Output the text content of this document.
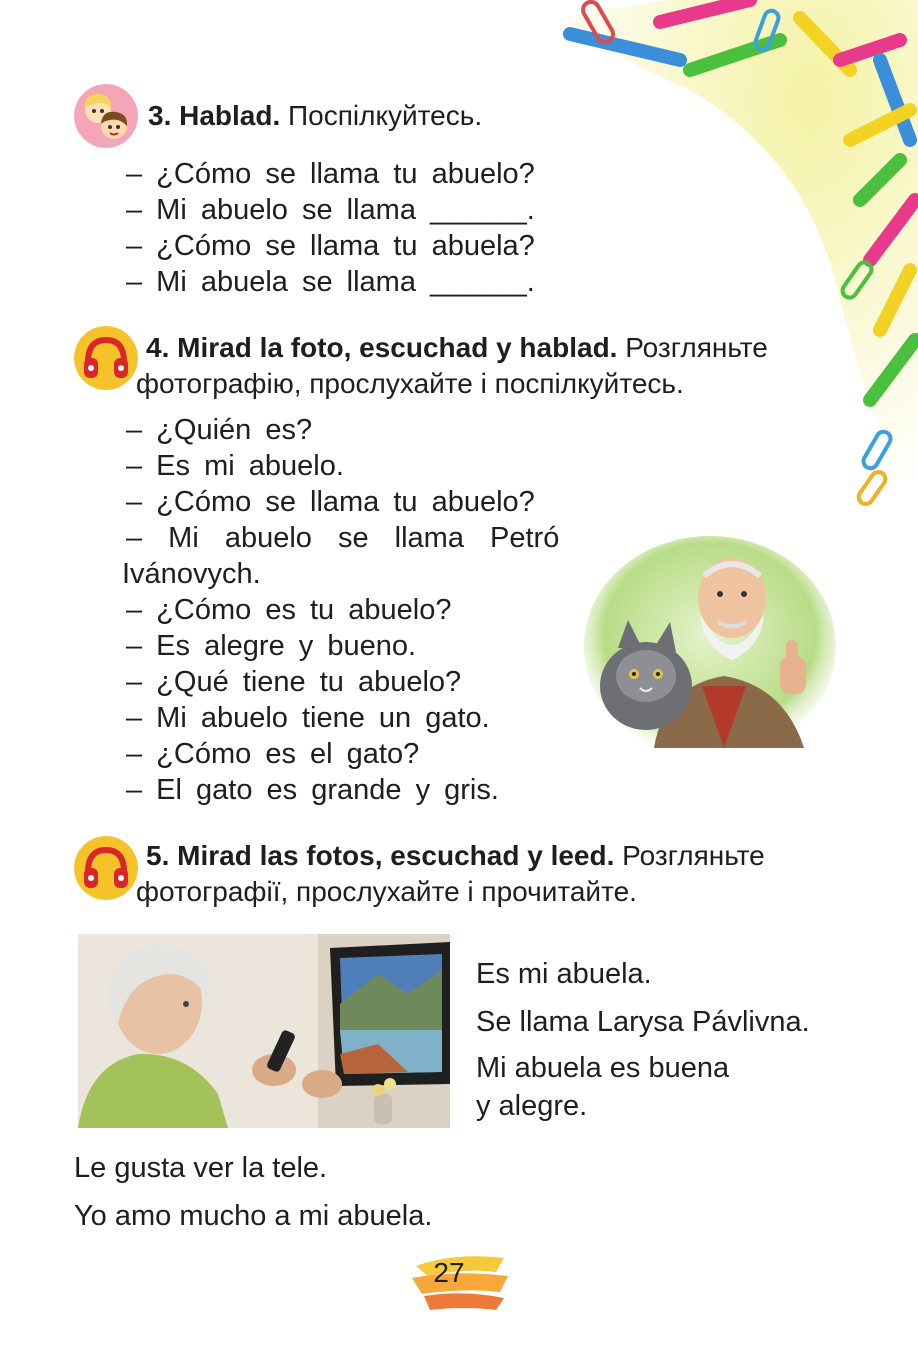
3. Hablad. Поспілкуйтесь.
– ¿Cómo se llama tu abuelo?
– Mi abuelo se llama ______.
– ¿Cómo se llama tu abuela?
– Mi abuela se llama ______.
4. Mirad la foto, escuchad y hablad. Розгляньте
фотографію, прослухайте і поспілкуйтесь.
– ¿Quién es?
– Es mi abuelo.
– ¿Cómo se llama tu abuelo?
– Mi abuelo se llama Petró
Ivánovych.
– ¿Cómo es tu abuelo?
– Es alegre y bueno.
– ¿Qué tiene tu abuelo?
– Mi abuelo tiene un gato.
– ¿Cómo es el gato?
– El gato es grande y gris.
5. Mirad las fotos, escuchad y leed. Розгляньте
фотографії, прослухайте і прочитайте.
Es mi abuela.
Se llama Larysa Pávlivna.
Mi abuela es buena
y alegre.
Le gusta ver la tele.
Yo amo mucho a mi abuela.
27
